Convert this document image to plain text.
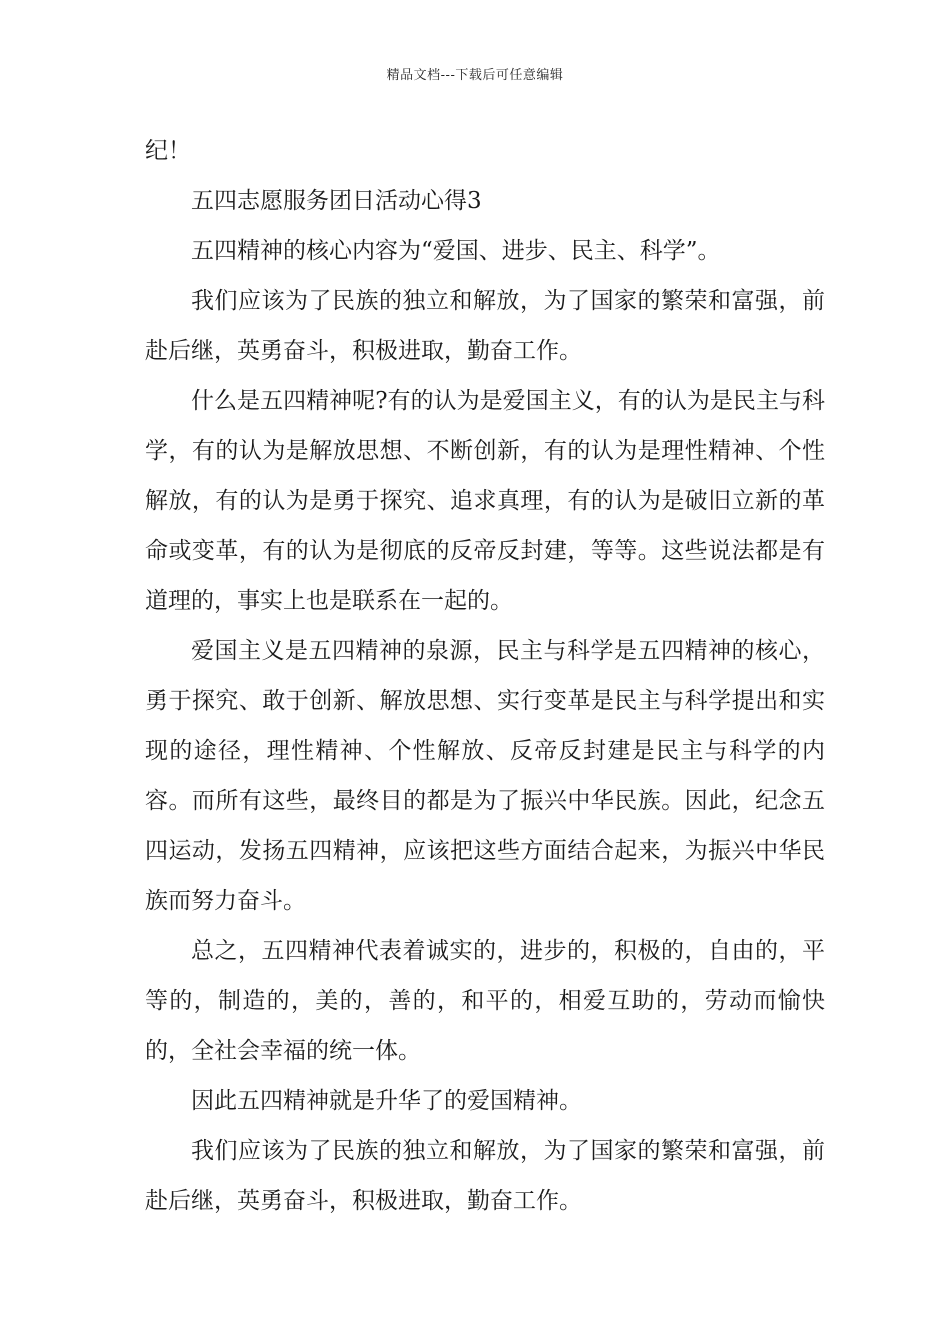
精品文档---下载后可任意编辑

纪！

五四志愿服务团日活动心得3

五四精神的核心内容为“爱国、进步、民主、科学”。

我们应该为了民族的独立和解放，为了国家的繁荣和富强，前赴后继，英勇奋斗，积极进取，勤奋工作。

什么是五四精神呢?有的认为是爱国主义，有的认为是民主与科学，有的认为是解放思想、不断创新，有的认为是理性精神、个性解放，有的认为是勇于探究、追求真理，有的认为是破旧立新的革命或变革，有的认为是彻底的反帝反封建，等等。这些说法都是有道理的，事实上也是联系在一起的。

爱国主义是五四精神的泉源，民主与科学是五四精神的核心，勇于探究、敢于创新、解放思想、实行变革是民主与科学提出和实现的途径，理性精神、个性解放、反帝反封建是民主与科学的内容。而所有这些，最终目的都是为了振兴中华民族。因此，纪念五四运动，发扬五四精神，应该把这些方面结合起来，为振兴中华民族而努力奋斗。

总之，五四精神代表着诚实的，进步的，积极的，自由的，平等的，制造的，美的，善的，和平的，相爱互助的，劳动而愉快的，全社会幸福的统一体。

因此五四精神就是升华了的爱国精神。

我们应该为了民族的独立和解放，为了国家的繁荣和富强，前赴后继，英勇奋斗，积极进取，勤奋工作。
